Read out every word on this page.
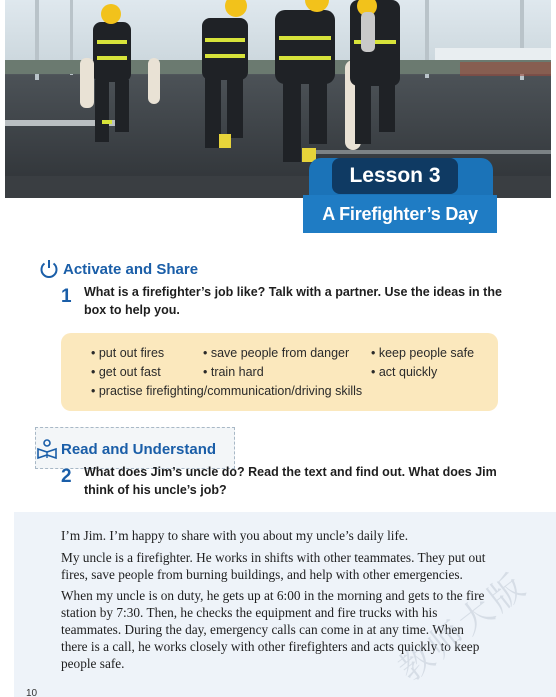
Lesson 3
A Firefighter’s Day
Activate and Share
1 What is a firefighter’s job like? Talk with a partner. Use the ideas in the box to help you.
• put out fires	• save people from danger • keep people safe
• get out fast	• train hard	• act quickly
• practise firefighting/communication/driving skills
Read and Understand
2 What does Jim’s uncle do? Read the text and find out. What does Jim think of his uncle’s job?
I’m Jim. I’m happy to share with you about my uncle’s daily life.
My uncle is a firefighter. He works in shifts with other teammates. They put out fires, save people from burning buildings, and help with other emergencies.
When my uncle is on duty, he gets up at 6:00 in the morning and gets to the fire station by 7:30. Then, he checks the equipment and fire trucks with his teammates. During the day, emergency calls can come in at any time. When there is a call, he works closely with other firefighters and acts quickly to keep people safe.	教师大版
10
